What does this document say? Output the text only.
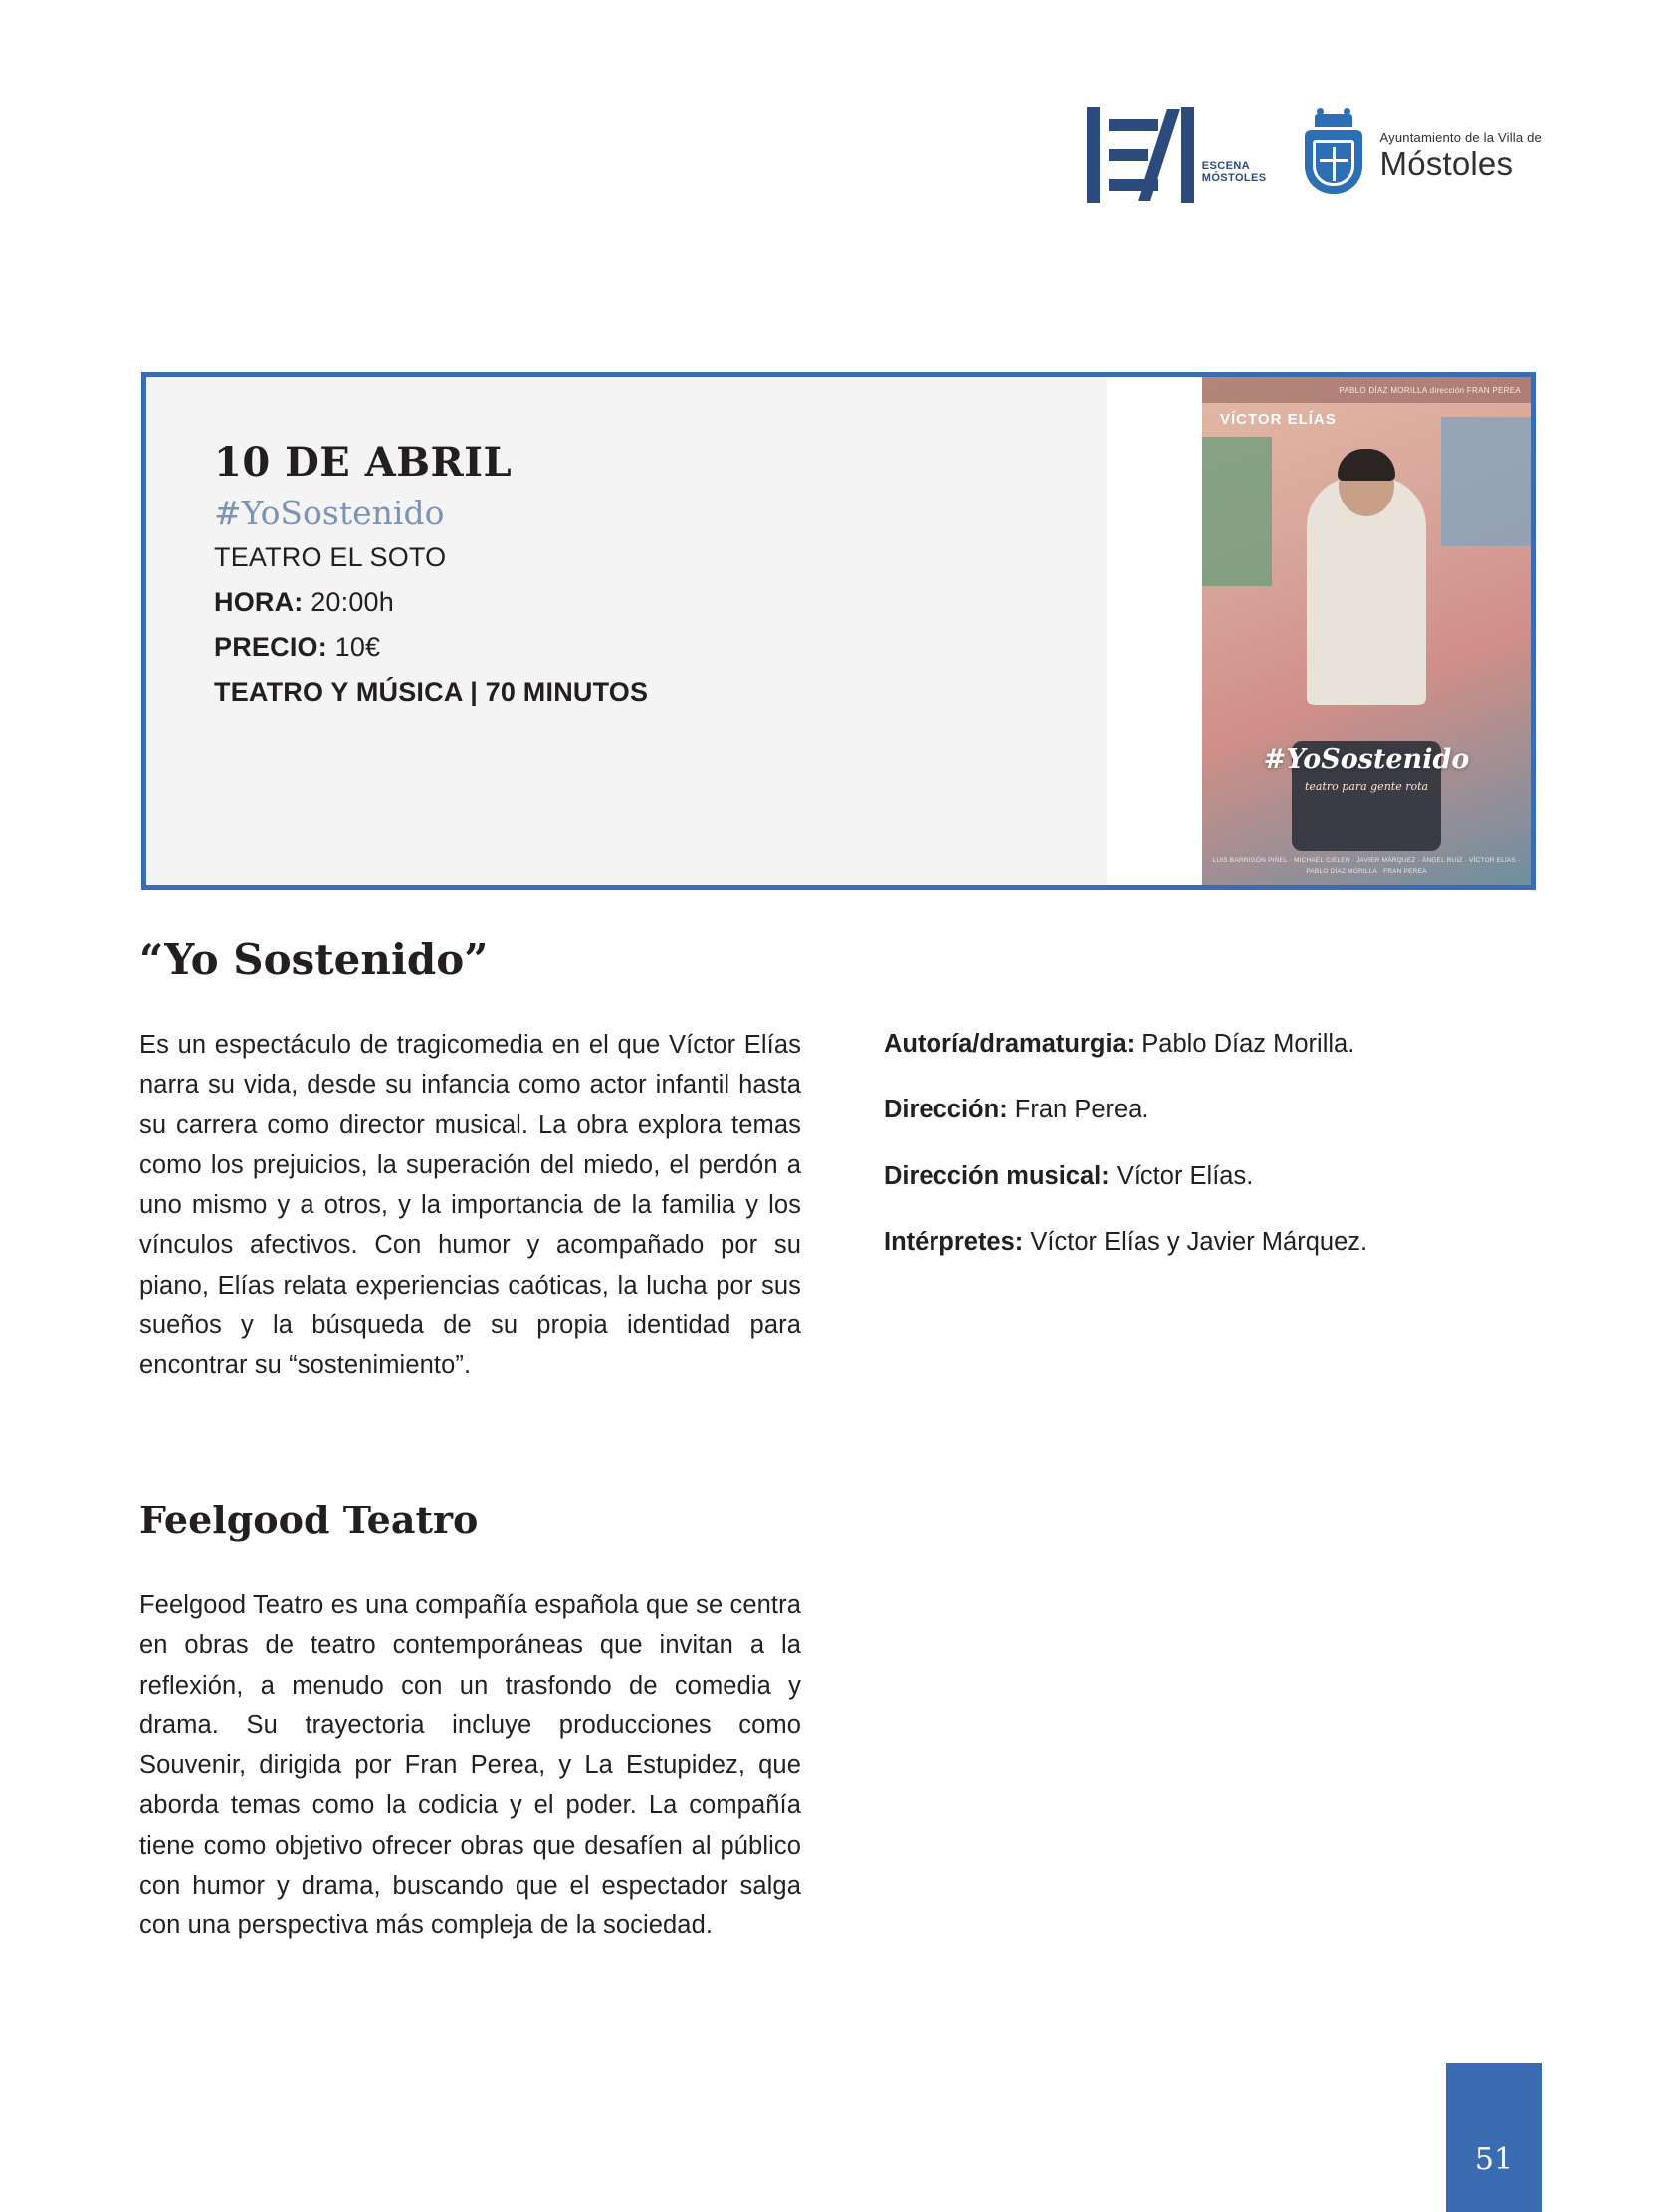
ESCENA
MÓSTOLES
Ayuntamiento de la Villa de
Móstoles
10 DE ABRIL
#YoSostenido
TEATRO EL SOTO
HORA: 20:00h
PRECIO: 10€
TEATRO Y MÚSICA | 70 MINUTOS
PABLO DÍAZ MORILLA dirección FRAN PEREA
VÍCTOR ELÍAS
#YoSostenido
teatro para gente rota
LUIS BARRIGÓN PIÑEL · MICHAEL CIELEN · JAVIER MÁRQUEZ · ÁNGEL RUIZ · VÍCTOR ELÍAS · PABLO DÍAZ MORILLA · FRAN PEREA
“Yo Sostenido”

Es un espectáculo de tragicomedia en el que Víctor Elías narra su vida, desde su infancia como actor infantil hasta su carrera como director musical. La obra explora temas como los prejuicios, la superación del miedo, el perdón a uno mismo y a otros, y la importancia de la familia y los vínculos afectivos. Con humor y acompañado por su piano, Elías relata experiencias caóticas, la lucha por sus sueños y la búsqueda de su propia identidad para encontrar su “sostenimiento”.

Autoría/dramaturgia: Pablo Díaz Morilla.
Dirección: Fran Perea.
Dirección musical: Víctor Elías.
Intérpretes: Víctor Elías y Javier Márquez.
Feelgood Teatro

Feelgood Teatro es una compañía española que se centra en obras de teatro contemporáneas que invitan a la reflexión, a menudo con un trasfondo de comedia y drama. Su trayectoria incluye producciones como Souvenir, dirigida por Fran Perea, y La Estupidez, que aborda temas como la codicia y el poder. La compañía tiene como objetivo ofrecer obras que desafíen al público con humor y drama, buscando que el espectador salga con una perspectiva más compleja de la sociedad.

51
